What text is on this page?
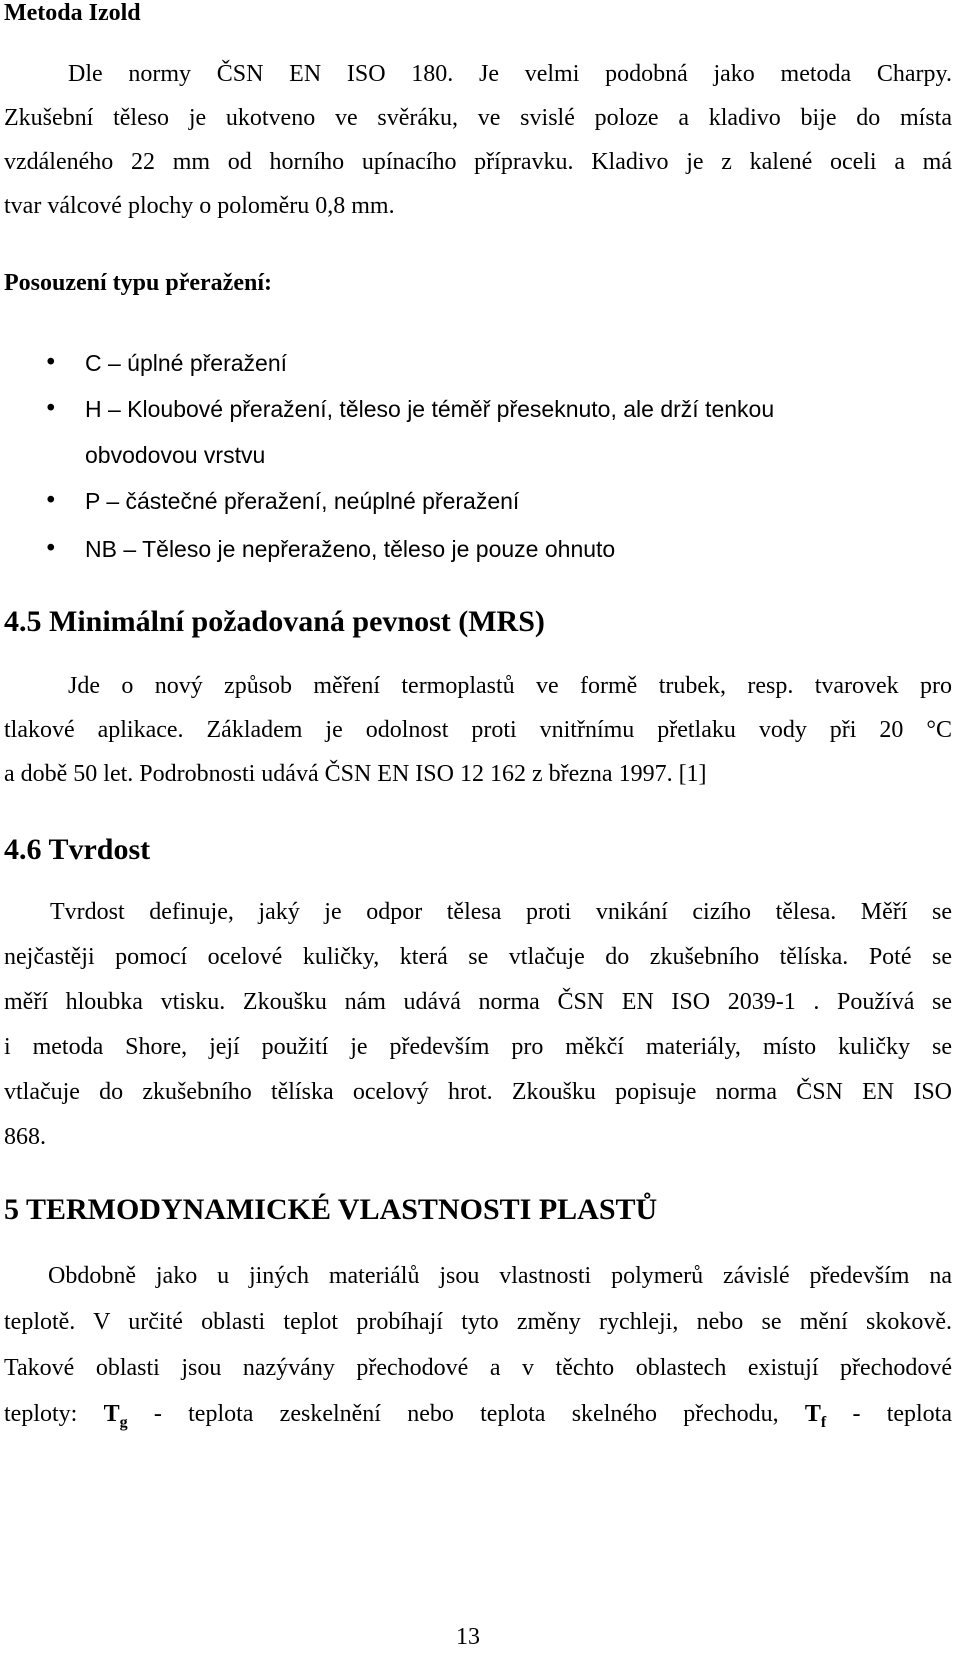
Metoda Izold
Dle normy ČSN EN ISO 180. Je velmi podobná jako metoda Charpy.
Zkušební těleso je ukotveno ve svěráku, ve svislé poloze a kladivo bije do místa
vzdáleného 22 mm od horního upínacího přípravku. Kladivo je z kalené oceli a má
tvar válcové plochy o poloměru 0,8 mm.
Posouzení typu přeražení:
• C – úplné přeražení
• H – Kloubové přeražení, těleso je téměř přeseknuto, ale drží tenkou
obvodovou vrstvu
• P – částečné přeražení, neúplné přeražení
• NB – Těleso je nepřeraženo, těleso je pouze ohnuto
4.5 Minimální požadovaná pevnost (MRS)
Jde o nový způsob měření termoplastů ve formě trubek, resp. tvarovek pro
tlakové aplikace. Základem je odolnost proti vnitřnímu přetlaku vody při 20 °C
a době 50 let. Podrobnosti udává ČSN EN ISO 12 162 z března 1997. [1]
4.6 Tvrdost
Tvrdost definuje, jaký je odpor tělesa proti vnikání cizího tělesa. Měří se
nejčastěji pomocí ocelové kuličky, která se vtlačuje do zkušebního tělíska. Poté se
měří hloubka vtisku. Zkoušku nám udává norma ČSN EN ISO 2039-1 . Používá se
i metoda Shore, její použití je především pro měkčí materiály, místo kuličky se
vtlačuje do zkušebního tělíska ocelový hrot. Zkoušku popisuje norma ČSN EN ISO
868.
5 TERMODYNAMICKÉ VLASTNOSTI PLASTŮ
Obdobně jako u jiných materiálů jsou vlastnosti polymerů závislé především na
teplotě. V určité oblasti teplot probíhají tyto změny rychleji, nebo se mění skokově.
Takové oblasti jsou nazývány přechodové a v těchto oblastech existují přechodové
teploty: $T_g$ - teplota zeskelnění nebo teplota skelného přechodu, $T_f$ - teplota
13
